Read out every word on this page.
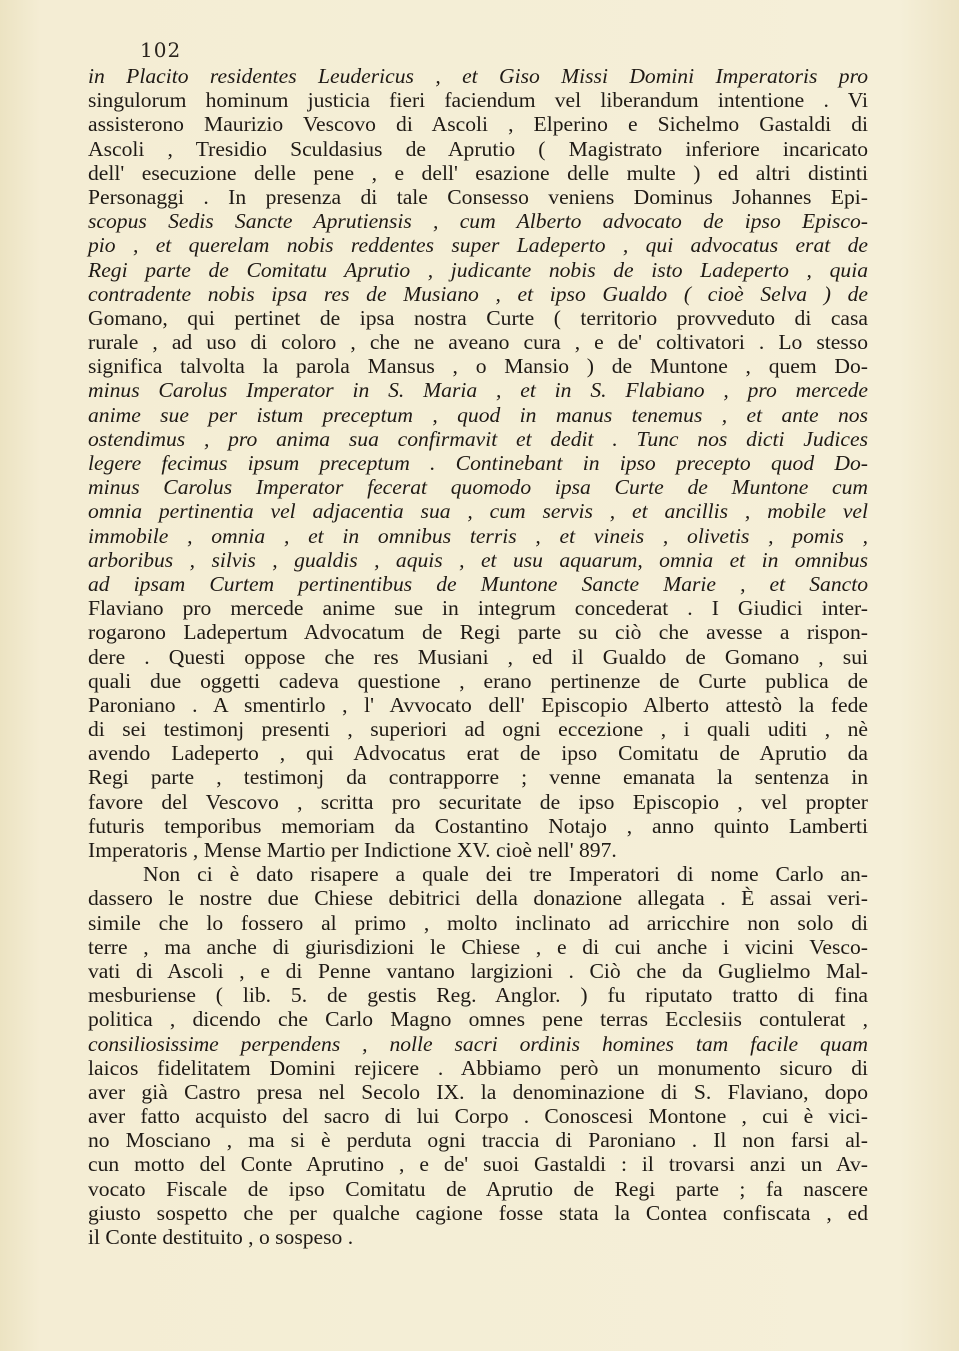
102
in Placito residentes Leudericus , et Giso Missi Domini Imperatoris pro
singulorum hominum justicia fieri faciendum vel liberandum intentione . Vi
assisterono Maurizio Vescovo di Ascoli , Elperino e Sichelmo Gastaldi di
Ascoli , Tresidio Sculdasius de Aprutio ( Magistrato inferiore incaricato
dell' esecuzione delle pene , e dell' esazione delle multe ) ed altri distinti
Personaggi . In presenza di tale Consesso veniens Dominus Johannes Epi-
scopus Sedis Sancte Aprutiensis , cum Alberto advocato de ipso Episco-
pio , et querelam nobis reddentes super Ladeperto , qui advocatus erat de
Regi parte de Comitatu Aprutio , judicante nobis de isto Ladeperto , quia
contradente nobis ipsa res de Musiano , et ipso Gualdo ( cioè Selva ) de
Gomano, qui pertinet de ipsa nostra Curte ( territorio provveduto di casa
rurale , ad uso di coloro , che ne aveano cura , e de' coltivatori . Lo stesso
significa talvolta la parola Mansus , o Mansio ) de Muntone , quem Do-
minus Carolus Imperator in S. Maria , et in S. Flabiano , pro mercede
anime sue per istum preceptum , quod in manus tenemus , et ante nos
ostendimus , pro anima sua confirmavit et dedit . Tunc nos dicti Judices
legere fecimus ipsum preceptum . Continebant in ipso precepto quod Do-
minus Carolus Imperator fecerat quomodo ipsa Curte de Muntone cum
omnia pertinentia vel adjacentia sua , cum servis , et ancillis , mobile vel
immobile , omnia , et in omnibus terris , et vineis , olivetis , pomis ,
arboribus , silvis , gualdis , aquis , et usu aquarum, omnia et in omnibus
ad ipsam Curtem pertinentibus de Muntone Sancte Marie , et Sancto
Flaviano pro mercede anime sue in integrum concederat . I Giudici inter-
rogarono Ladepertum Advocatum de Regi parte su ciò che avesse a rispon-
dere . Questi oppose che res Musiani , ed il Gualdo de Gomano , sui
quali due oggetti cadeva questione , erano pertinenze de Curte publica de
Paroniano . A smentirlo , l' Avvocato dell' Episcopio Alberto attestò la fede
di sei testimonj presenti , superiori ad ogni eccezione , i quali uditi , nè
avendo Ladeperto , qui Advocatus erat de ipso Comitatu de Aprutio da
Regi parte , testimonj da contrapporre ; venne emanata la sentenza in
favore del Vescovo , scritta pro securitate de ipso Episcopio , vel propter
futuris temporibus memoriam da Costantino Notajo , anno quinto Lamberti
Imperatoris , Mense Martio per Indictione XV. cioè nell' 897.
Non ci è dato risapere a quale dei tre Imperatori di nome Carlo an-
dassero le nostre due Chiese debitrici della donazione allegata . È assai veri-
simile che lo fossero al primo , molto inclinato ad arricchire non solo di
terre , ma anche di giurisdizioni le Chiese , e di cui anche i vicini Vesco-
vati di Ascoli , e di Penne vantano largizioni . Ciò che da Guglielmo Mal-
mesburiense ( lib. 5. de gestis Reg. Anglor. ) fu riputato tratto di fina
politica , dicendo che Carlo Magno omnes pene terras Ecclesiis contulerat ,
consiliosissime perpendens , nolle sacri ordinis homines tam facile quam
laicos fidelitatem Domini rejicere . Abbiamo però un monumento sicuro di
aver già Castro presa nel Secolo IX. la denominazione di S. Flaviano, dopo
aver fatto acquisto del sacro di lui Corpo . Conoscesi Montone , cui è vici-
no Mosciano , ma si è perduta ogni traccia di Paroniano . Il non farsi al-
cun motto del Conte Aprutino , e de' suoi Gastaldi : il trovarsi anzi un Av-
vocato Fiscale de ipso Comitatu de Aprutio de Regi parte ; fa nascere
giusto sospetto che per qualche cagione fosse stata la Contea confiscata , ed
il Conte destituito , o sospeso .
